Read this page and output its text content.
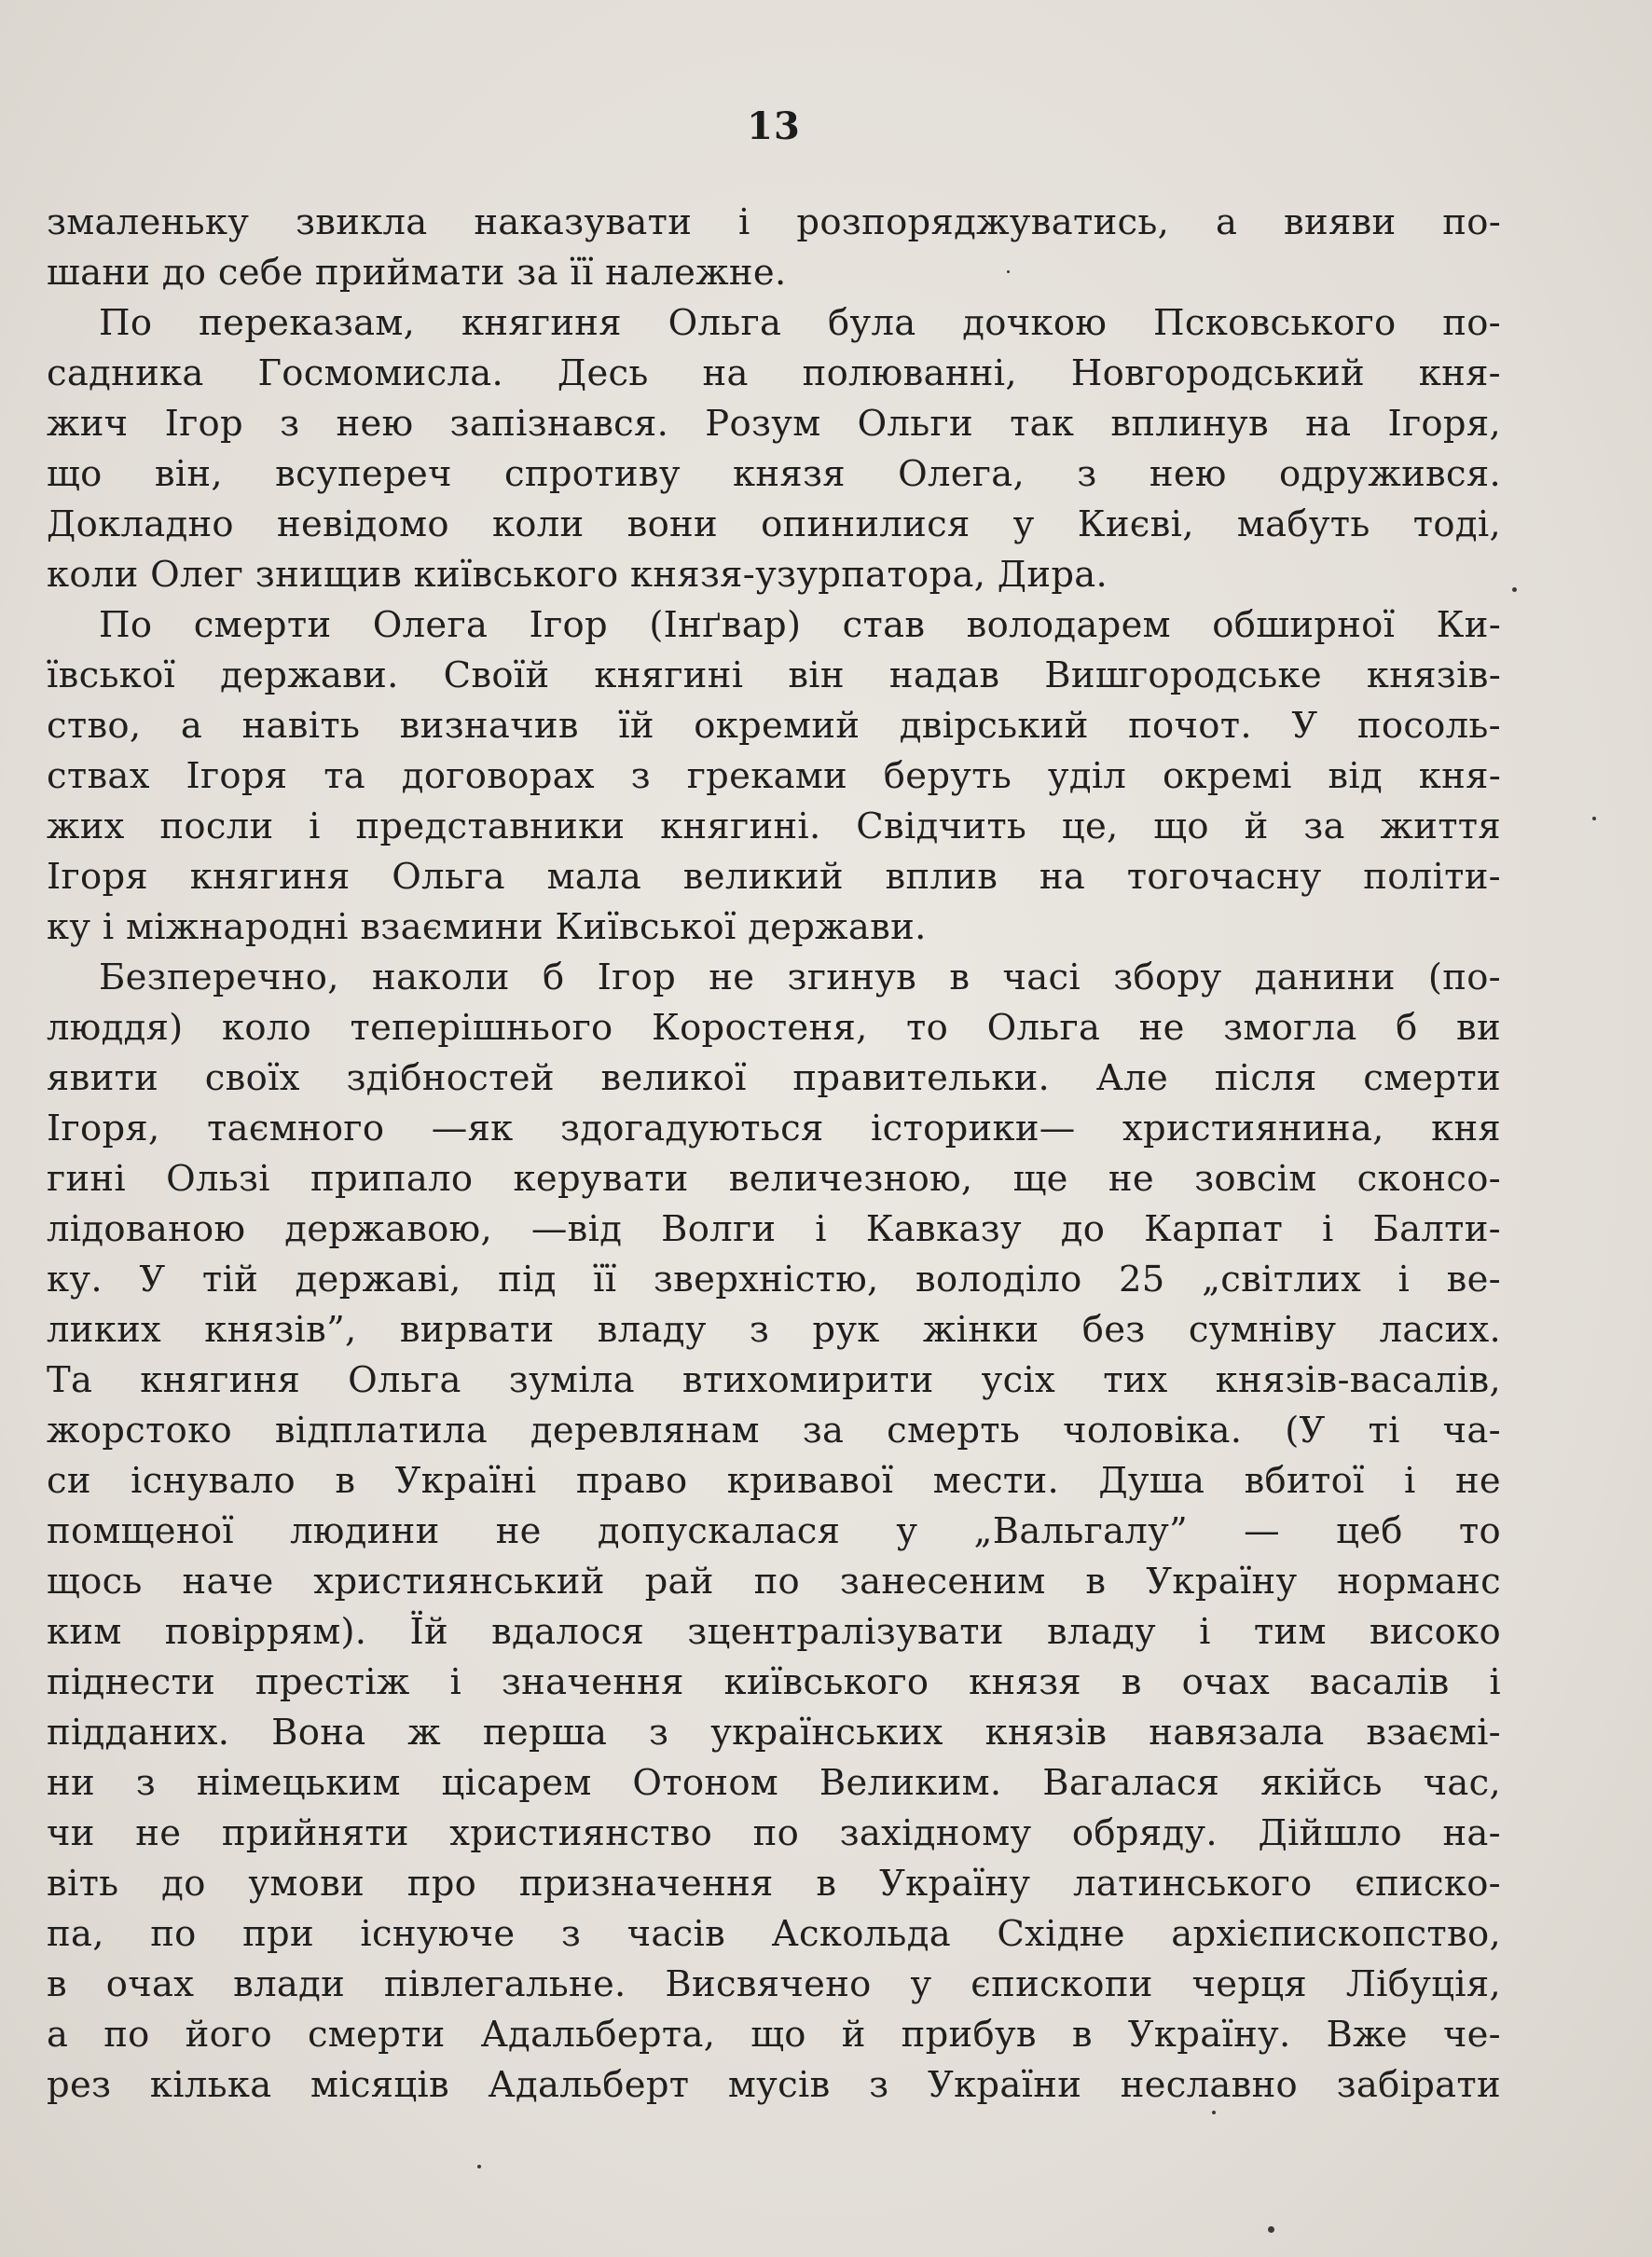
13
змаленьку звикла наказувати і розпоряджуватись, а вияви по-
шани до себе приймати за її належне.
По переказам, княгиня Ольга була дочкою Псковського по-
садника Госмомисла. Десь на полюванні, Новгородський кня-
жич Ігор з нею запізнався. Розум Ольги так вплинув на Ігоря,
що він, всупереч спротиву князя Олега, з нею одружився.
Докладно невідомо коли вони опинилися у Києві, мабуть тоді,
коли Олег знищив київського князя-узурпатора, Дира.
По смерти Олега Ігор (Інґвар) став володарем обширної Ки-
ївської держави. Своїй княгині він надав Вишгородське князів-
ство, а навіть визначив їй окремий двірський почот. У посоль-
ствах Ігоря та договорах з греками беруть уділ окремі від кня-
жих посли і представники княгині. Свідчить це, що й за життя
Ігоря княгиня Ольга мала великий вплив на тогочасну політи-
ку і міжнародні взаємини Київської держави.
Безперечно, наколи б Ігор не згинув в часі збору данини (по-
люддя) коло теперішнього Коростеня, то Ольга не змогла б ви
явити своїх здібностей великої правительки. Але після смерти
Ігоря, таємного —як здогадуються історики— християнина, кня
гині Ользі припало керувати величезною, ще не зовсім сконсо-
лідованою державою, —від Волги і Кавказу до Карпат і Балти-
ку. У тій державі, під її зверхністю, володіло 25 „світлих і ве-
ликих князів”, вирвати владу з рук жінки без сумніву ласих.
Та княгиня Ольга зуміла втихомирити усіх тих князів-васалів,
жорстоко відплатила деревлянам за смерть чоловіка. (У ті ча-
си існувало в Україні право кривавої мести. Душа вбитої і не
помщеної людини не допускалася у „Вальгалу” — цеб то
щось наче християнський рай по занесеним в Україну норманс
ким повіррям). Їй вдалося зцентралізувати владу і тим високо
піднести престіж і значення київського князя в очах васалів і
підданих. Вона ж перша з українських князів навязала взаємі-
ни з німецьким цісарем Отоном Великим. Вагалася якійсь час,
чи не прийняти християнство по західному обряду. Дійшло на-
віть до умови про призначення в Україну латинського єписко-
па, по при існуюче з часів Аскольда Східне архієпископство,
в очах влади півлегальне. Висвячено у єпископи черця Лібуція,
а по його смерти Адальберта, що й прибув в Україну. Вже че-
рез кілька місяців Адальберт мусів з України неславно забірати
